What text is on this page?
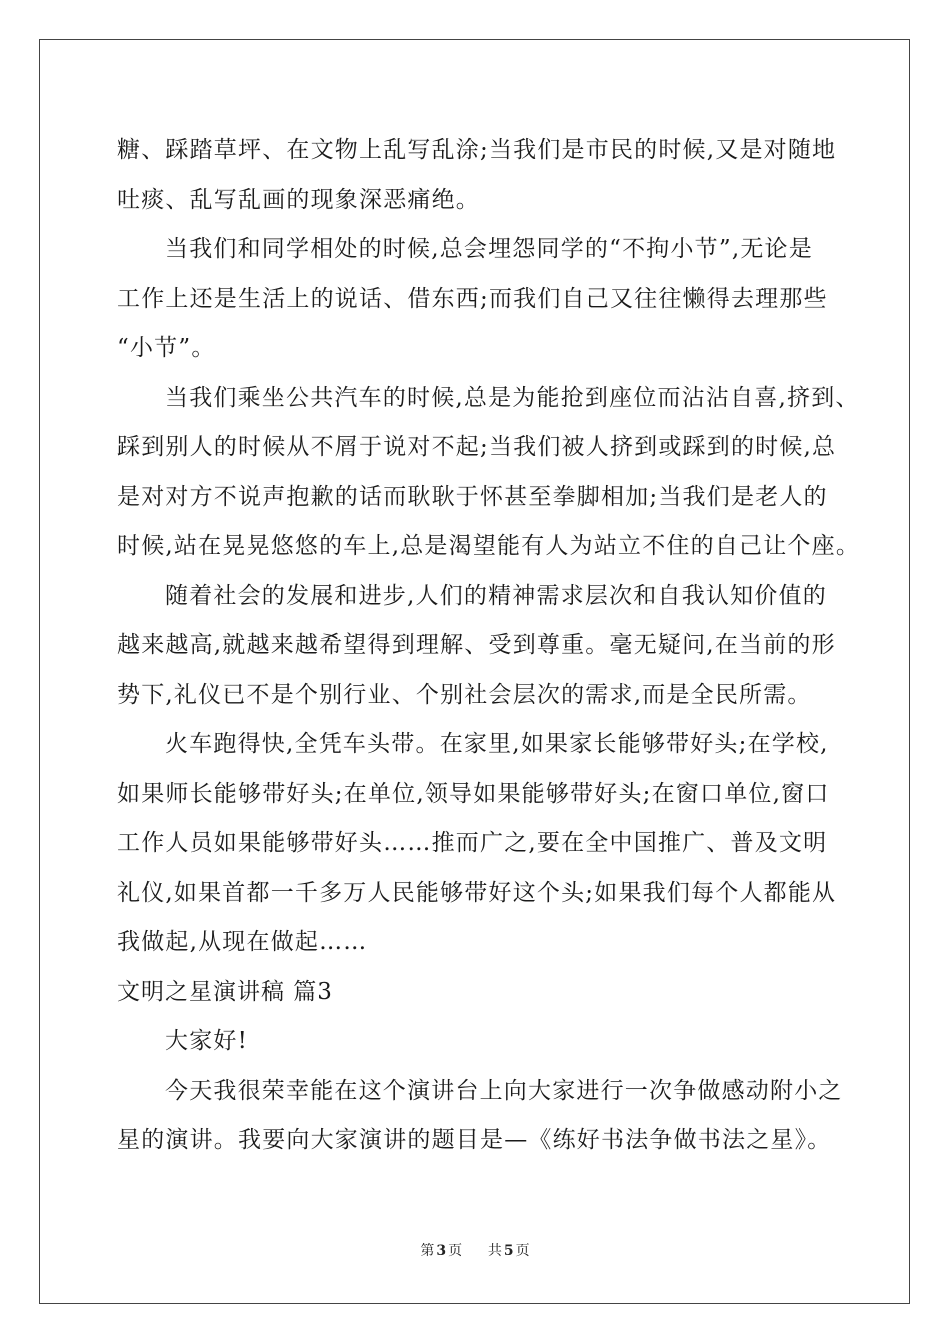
糖、踩踏草坪、在文物上乱写乱涂;当我们是市民的时候,又是对随地
吐痰、乱写乱画的现象深恶痛绝。
当我们和同学相处的时候,总会埋怨同学的“不拘小节”,无论是
工作上还是生活上的说话、借东西;而我们自己又往往懒得去理那些
“小节”。
当我们乘坐公共汽车的时候,总是为能抢到座位而沾沾自喜,挤到、
踩到别人的时候从不屑于说对不起;当我们被人挤到或踩到的时候,总
是对对方不说声抱歉的话而耿耿于怀甚至拳脚相加;当我们是老人的
时候,站在晃晃悠悠的车上,总是渴望能有人为站立不住的自己让个座。
随着社会的发展和进步,人们的精神需求层次和自我认知价值的
越来越高,就越来越希望得到理解、受到尊重。毫无疑问,在当前的形
势下,礼仪已不是个别行业、个别社会层次的需求,而是全民所需。
火车跑得快,全凭车头带。在家里,如果家长能够带好头;在学校,
如果师长能够带好头;在单位,领导如果能够带好头;在窗口单位,窗口
工作人员如果能够带好头……推而广之,要在全中国推广、普及文明
礼仪,如果首都一千多万人民能够带好这个头;如果我们每个人都能从
我做起,从现在做起……
文明之星演讲稿 篇3
大家好!
今天我很荣幸能在这个演讲台上向大家进行一次争做感动附小之
星的演讲。我要向大家演讲的题目是—《练好书法争做书法之星》。
第 3 页 共 5 页
